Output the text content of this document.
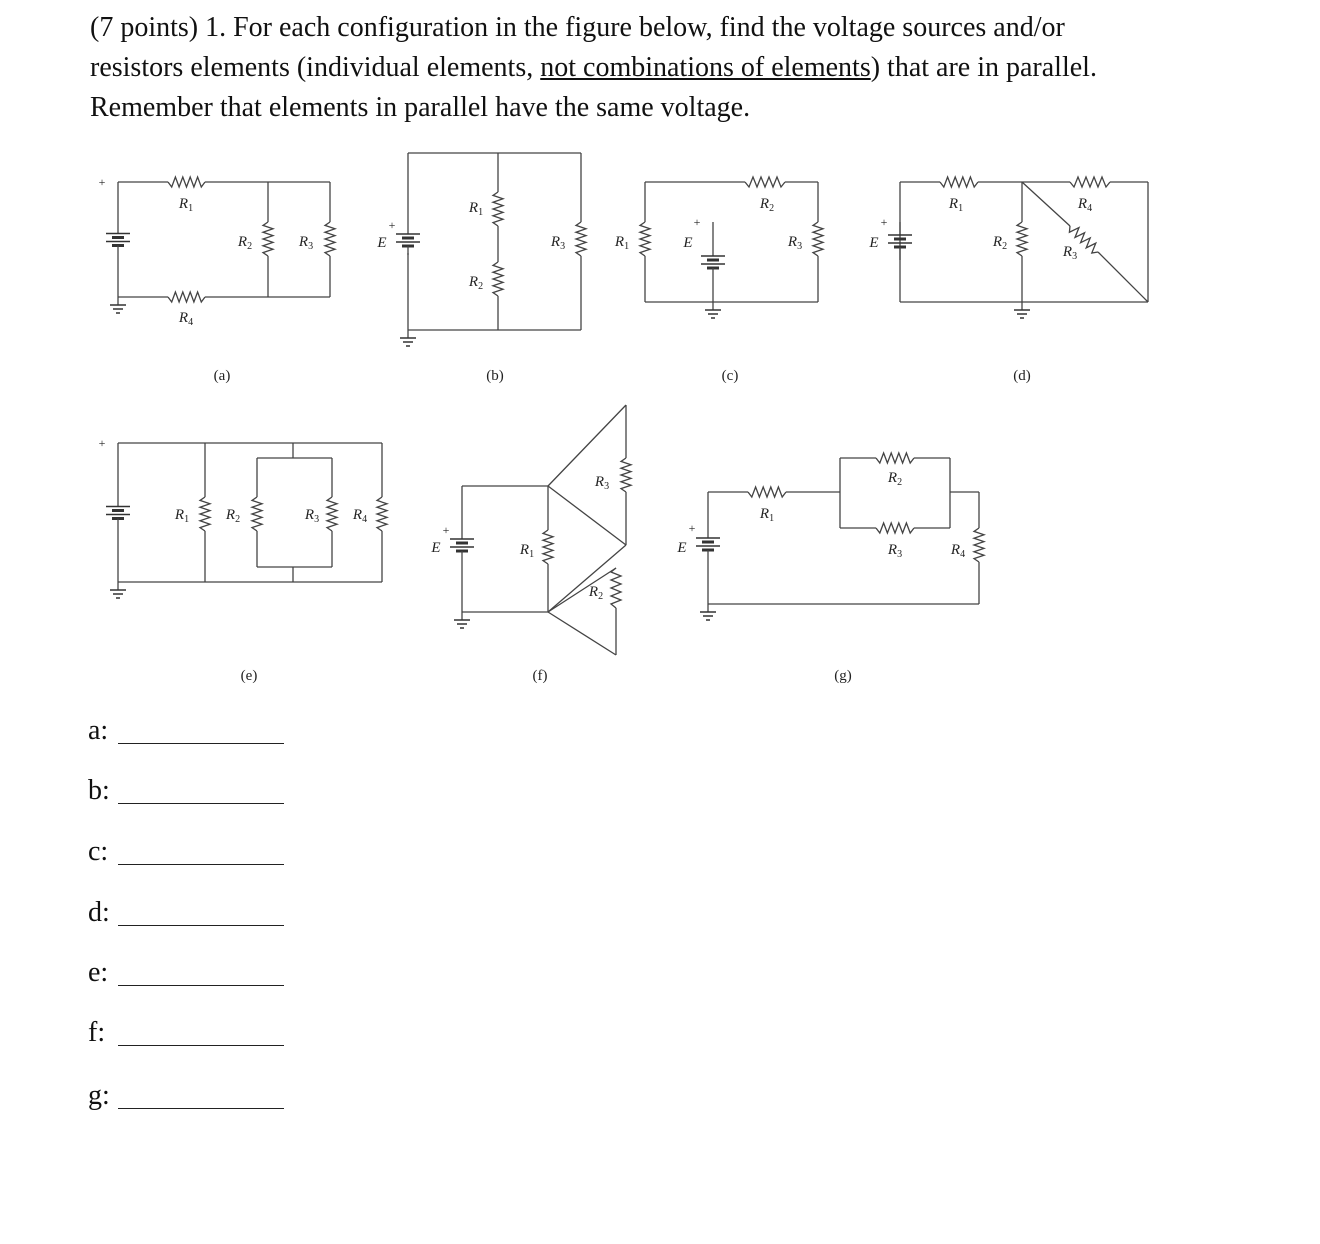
(7 points) 1. For each configuration in the figure below, find the voltage sources and/or
resistors elements (individual elements, not combinations of elements) that are in parallel.
Remember that elements in parallel have the same voltage.
$R_1$
$R_2$	$R_3$
$R_4$
+
(a)
$R_1$
$R_2$
$R_3$
+
E
(b)
$R_2$
$R_1$	$R_3$
+
E
(c)
$R_1$	$R_4$
$R_2$	$R_3$
+
E
(d)
$R_1$ $R_2$	$R_3$ $R_4$
+
(e)
+
E	$R_1$
$R_3$
$R_2$
(f)
$R_1$
$R_2$
$R_3$	$R_4$
+
E
(g)
a:
b:
c:
d:
e:
f:
g:
